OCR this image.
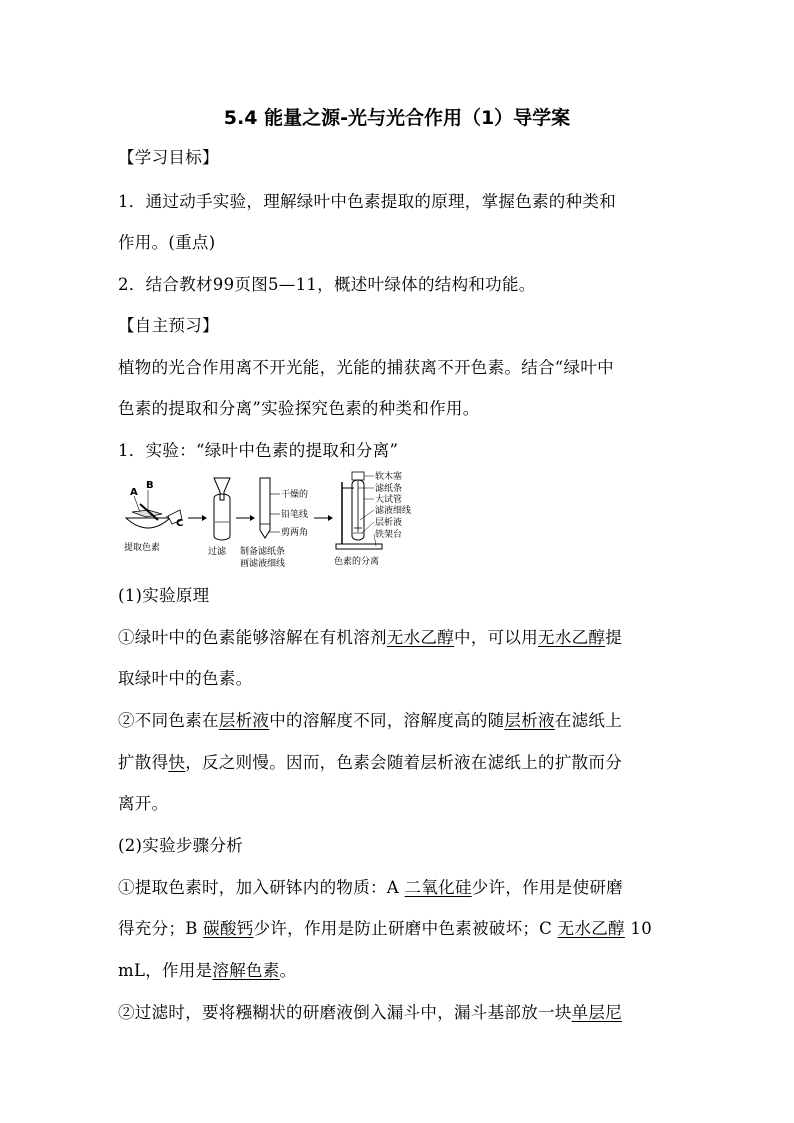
5.4 能量之源-光与光合作用（1）导学案
【学习目标】
1．通过动手实验，理解绿叶中色素提取的原理，掌握色素的种类和
作用。(重点)
2．结合教材99页图5—11，概述叶绿体的结构和功能。
【自主预习】
植物的光合作用离不开光能，光能的捕获离不开色素。结合“绿叶中
色素的提取和分离”实验探究色素的种类和作用。
1．实验：“绿叶中色素的提取和分离”
A
B
C
提取色素	过滤
干燥的
铅笔线
剪两角
制备滤纸条
画滤液细线
软木塞
滤纸条
大试管
滤液细线
层析液
铁架台
色素的分离
(1)实验原理
①绿叶中的色素能够溶解在有机溶剂无水乙醇中，可以用无水乙醇提
取绿叶中的色素。
②不同色素在层析液中的溶解度不同，溶解度高的随层析液在滤纸上
扩散得快，反之则慢。因而，色素会随着层析液在滤纸上的扩散而分
离开。
(2)实验步骤分析
①提取色素时，加入研钵内的物质：A 二氧化硅少许，作用是使研磨
得充分；B 碳酸钙少许，作用是防止研磨中色素被破坏；C 无水乙醇 10
mL，作用是溶解色素。
②过滤时，要将糨糊状的研磨液倒入漏斗中，漏斗基部放一块单层尼
